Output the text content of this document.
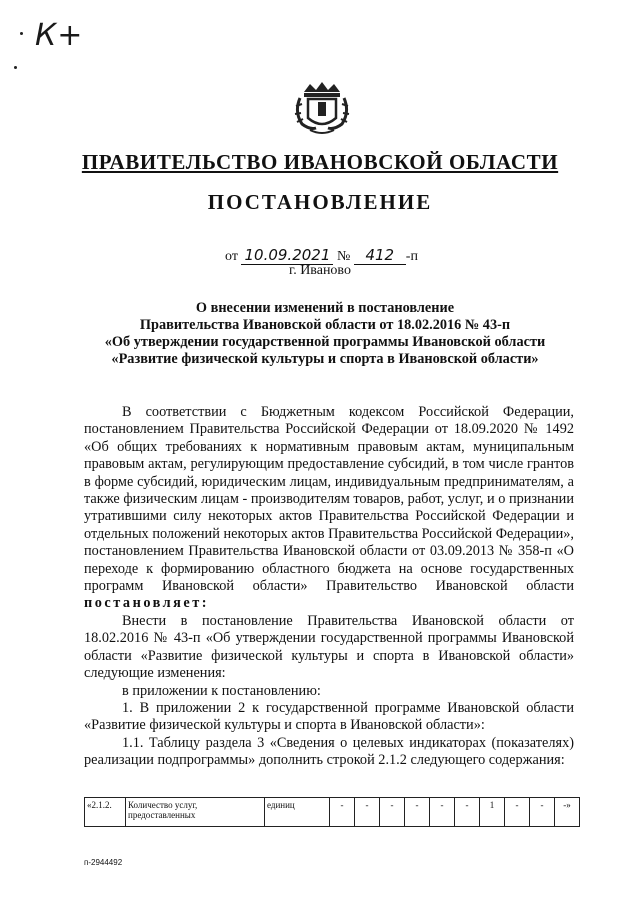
К+
ПРАВИТЕЛЬСТВО ИВАНОВСКОЙ ОБЛАСТИ
ПОСТАНОВЛЕНИЕ
от 10.09.2021 № 412 -п
г. Иваново
О внесении изменений в постановление
Правительства Ивановской области от 18.02.2016 № 43-п
«Об утверждении государственной программы Ивановской области
«Развитие физической культуры и спорта в Ивановской области»

В соответствии с Бюджетным кодексом Российской Федерации, постановлением Правительства Российской Федерации от 18.09.2020 № 1492 «Об общих требованиях к нормативным правовым актам, муниципальным правовым актам, регулирующим предоставление субсидий, в том числе грантов в форме субсидий, юридическим лицам, индивидуальным предпринимателям, а также физическим лицам - производителям товаров, работ, услуг, и о признании утратившими силу некоторых актов Правительства Российской Федерации и отдельных положений некоторых актов Правительства Российской Федерации», постановлением Правительства Ивановской области от 03.09.2013 № 358-п «О переходе к формированию областного бюджета на основе государственных программ Ивановской области» Правительство Ивановской области постановляет:

Внести в постановление Правительства Ивановской области от 18.02.2016 № 43-п «Об утверждении государственной программы Ивановской области «Развитие физической культуры и спорта в Ивановской области» следующие изменения:

в приложении к постановлению:

1. В приложении 2 к государственной программе Ивановской области «Развитие физической культуры и спорта в Ивановской области»:

1.1. Таблицу раздела 3 «Сведения о целевых индикаторах (показателях) реализации подпрограммы» дополнить строкой 2.1.2 следующего содержания:

«2.1.2.	Количество услуг, предоставленных	единиц	-	-	-	-	-	-	1	-	-	-»
п-2944492
